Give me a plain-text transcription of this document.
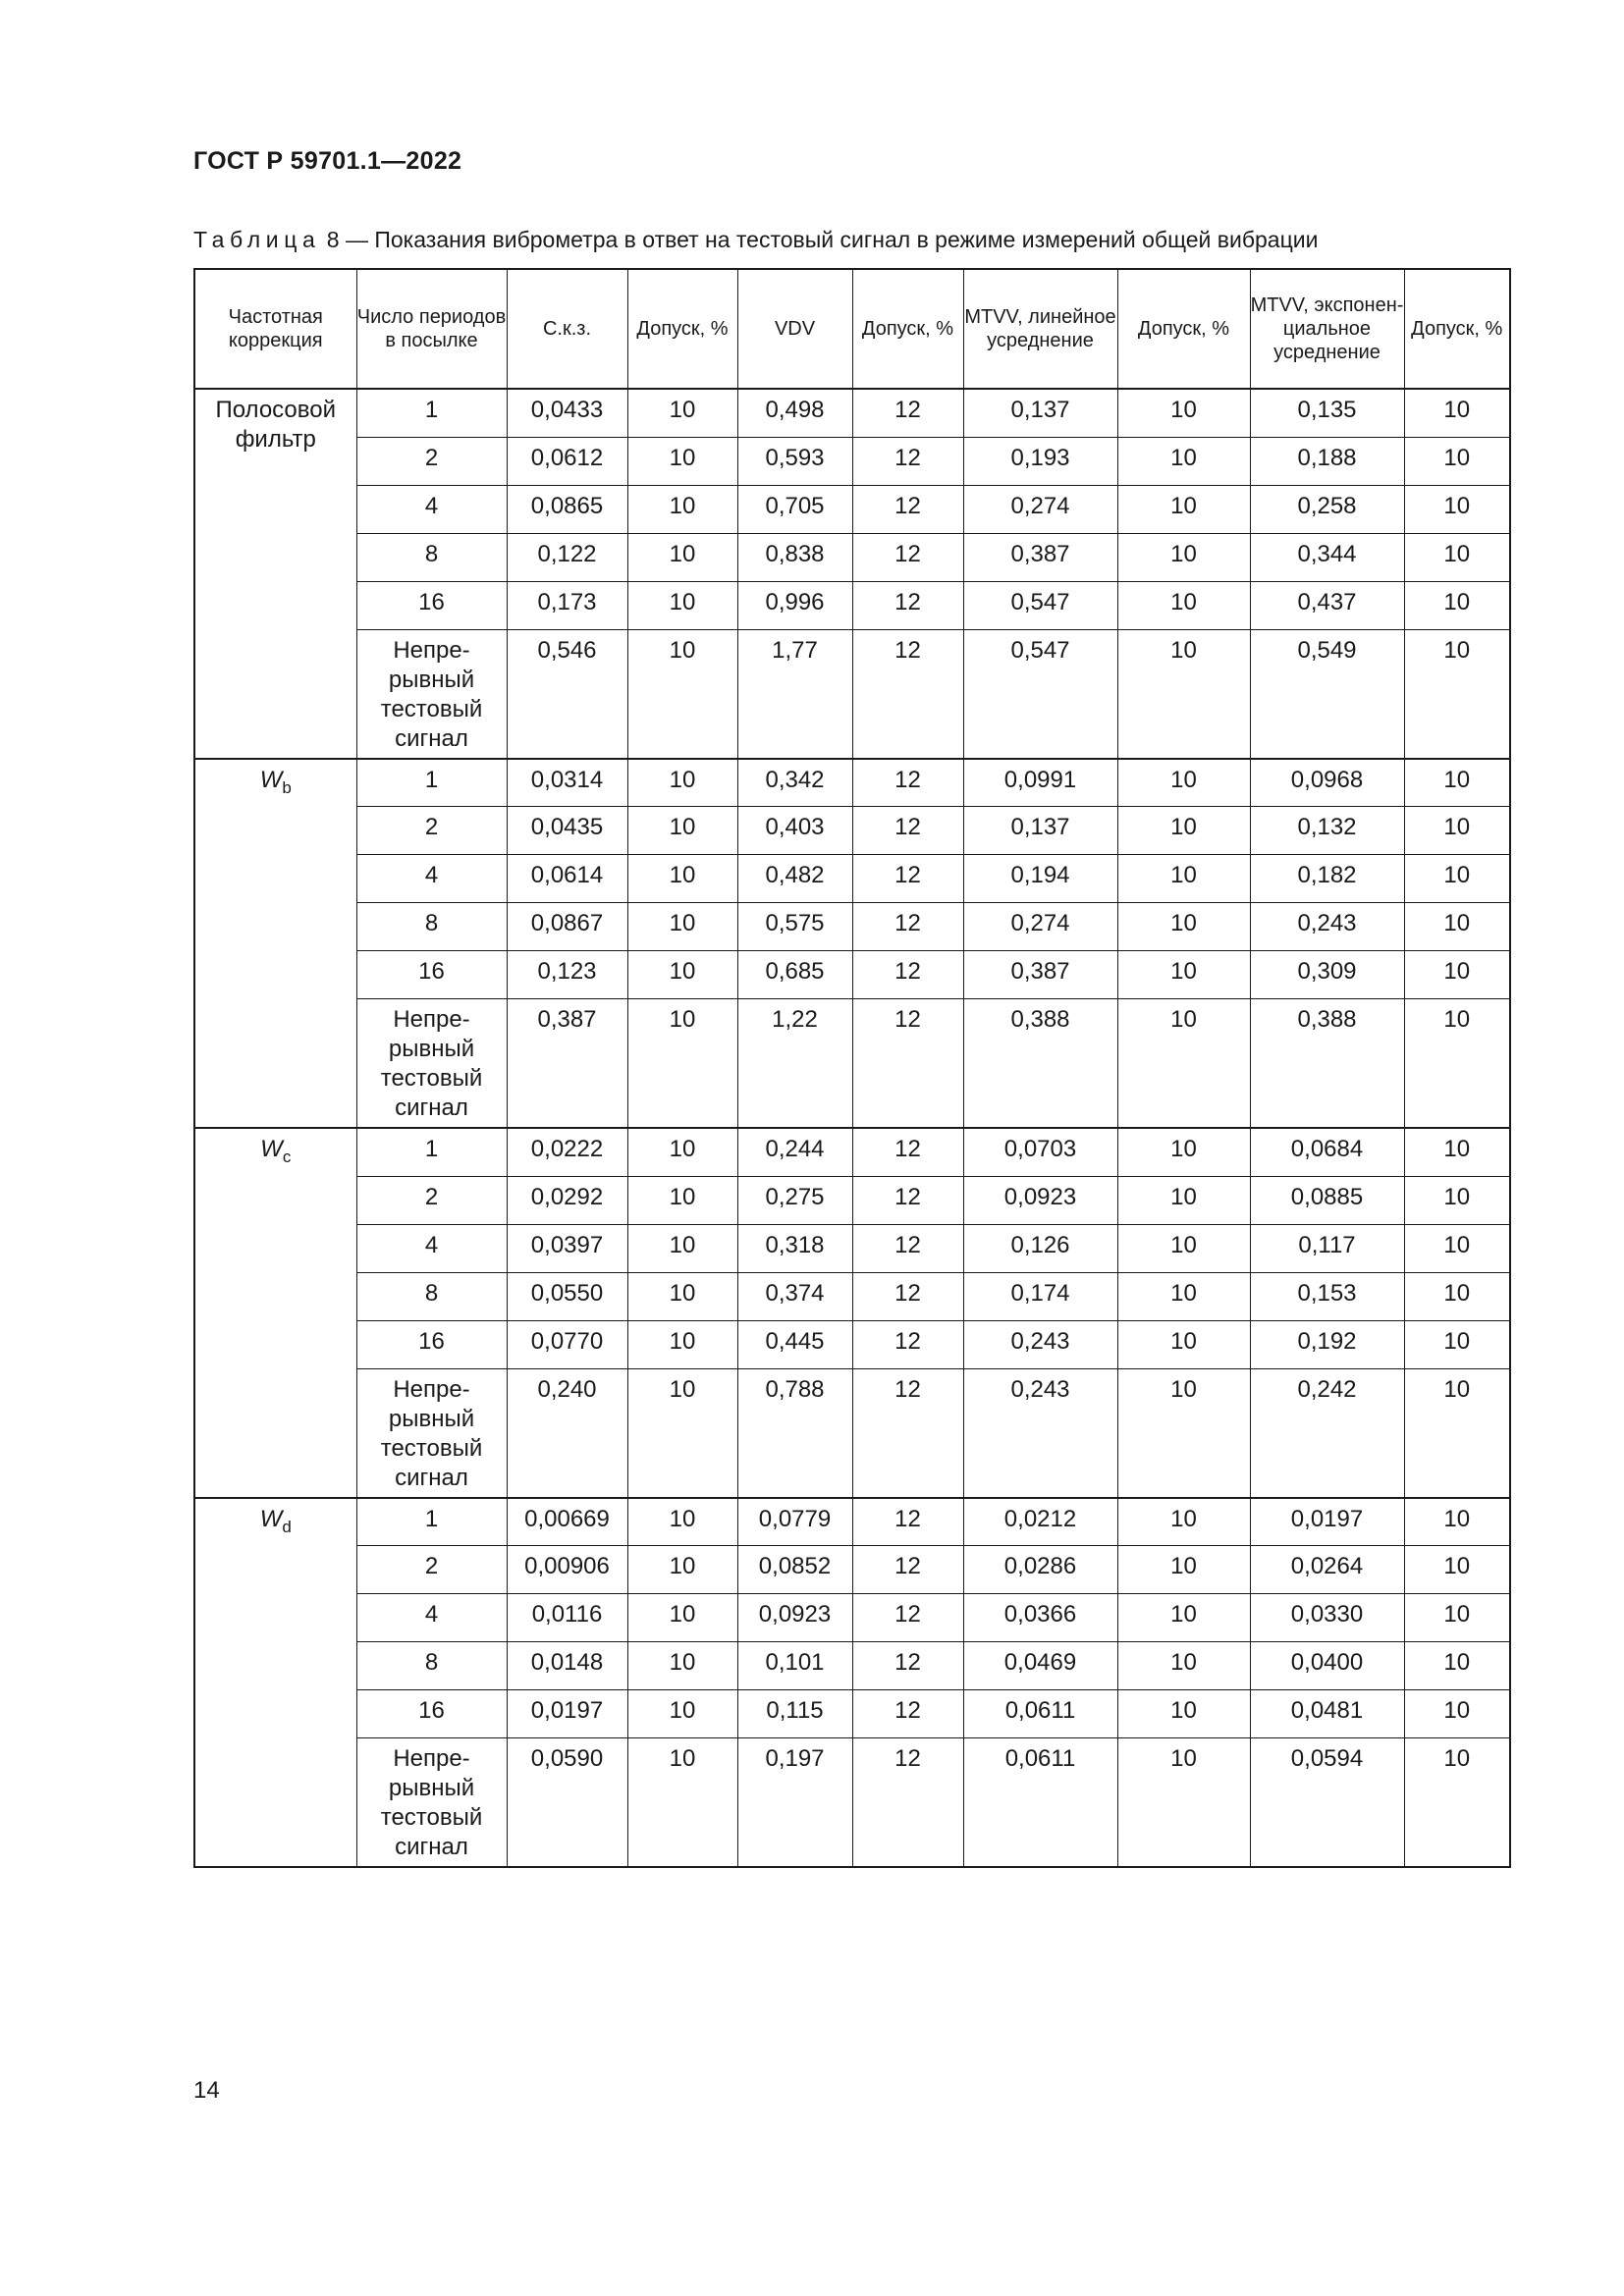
ГОСТ Р 59701.1—2022
Таблица 8 — Показания виброметра в ответ на тестовый сигнал в режиме измерений общей вибрации
Частотная коррекция	Число периодов в посылке	С.к.з.	Допуск, %	VDV	Допуск, %	MTVV, линейное усреднение	Допуск, %	MTVV, экспонен-циальное усреднение	Допуск, %
Полосовой фильтр	1	0,0433	10	0,498	12	0,137	10	0,135	10
	2	0,0612	10	0,593	12	0,193	10	0,188	10
	4	0,0865	10	0,705	12	0,274	10	0,258	10
	8	0,122	10	0,838	12	0,387	10	0,344	10
	16	0,173	10	0,996	12	0,547	10	0,437	10
	Непре-рывный тестовый сигнал	0,546	10	1,77	12	0,547	10	0,549	10
$W_b$	1	0,0314	10	0,342	12	0,0991	10	0,0968	10
	2	0,0435	10	0,403	12	0,137	10	0,132	10
	4	0,0614	10	0,482	12	0,194	10	0,182	10
	8	0,0867	10	0,575	12	0,274	10	0,243	10
	16	0,123	10	0,685	12	0,387	10	0,309	10
	Непре-рывный тестовый сигнал	0,387	10	1,22	12	0,388	10	0,388	10
$W_c$	1	0,0222	10	0,244	12	0,0703	10	0,0684	10
	2	0,0292	10	0,275	12	0,0923	10	0,0885	10
	4	0,0397	10	0,318	12	0,126	10	0,117	10
	8	0,0550	10	0,374	12	0,174	10	0,153	10
	16	0,0770	10	0,445	12	0,243	10	0,192	10
	Непре-рывный тестовый сигнал	0,240	10	0,788	12	0,243	10	0,242	10
$W_d$	1	0,00669	10	0,0779	12	0,0212	10	0,0197	10
	2	0,00906	10	0,0852	12	0,0286	10	0,0264	10
	4	0,0116	10	0,0923	12	0,0366	10	0,0330	10
	8	0,0148	10	0,101	12	0,0469	10	0,0400	10
	16	0,0197	10	0,115	12	0,0611	10	0,0481	10
	Непре-рывный тестовый сигнал	0,0590	10	0,197	12	0,0611	10	0,0594	10
14
